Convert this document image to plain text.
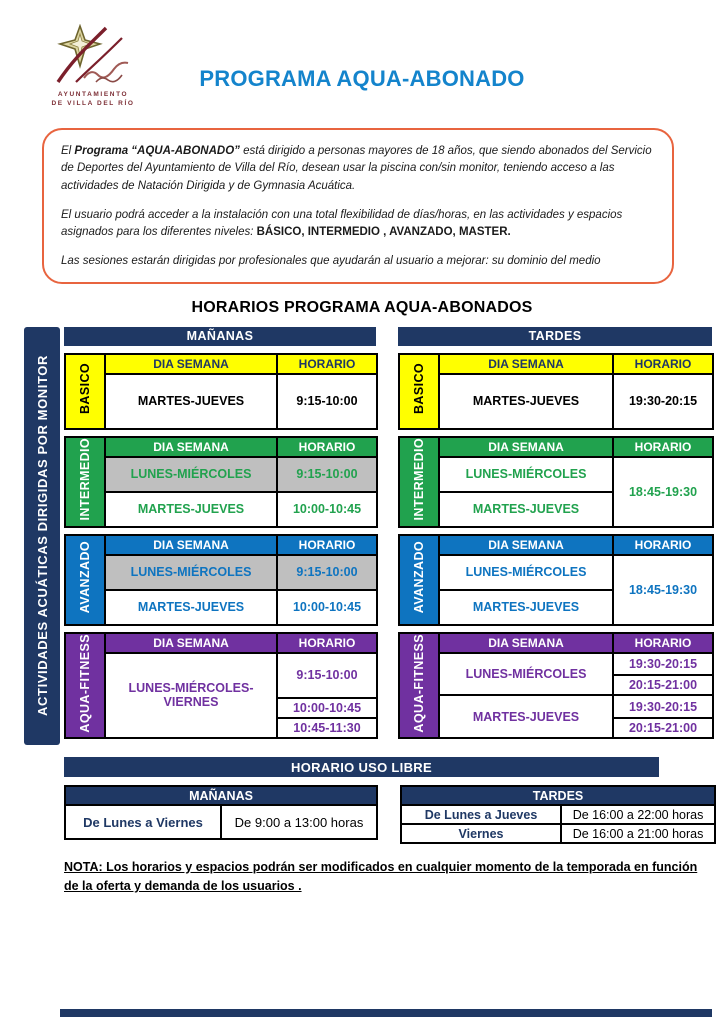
AYUNTAMIENTO
DE VILLA DEL RÍO
PROGRAMA AQUA-ABONADO

El Programa “AQUA-ABONADO” está dirigido a personas mayores de 18 años, que siendo abonados del Servicio de Deportes del Ayuntamiento de Villa del Río, desean usar la piscina con/sin monitor, teniendo acceso a las actividades de Natación Dirigida y de Gymnasia Acuática.

El usuario podrá acceder a la instalación con una total flexibilidad de días/horas, en las actividades y espacios asignados para los diferentes niveles: BÁSICO, INTERMEDIO , AVANZADO, MASTER.

Las sesiones estarán dirigidas por profesionales que ayudarán al usuario a mejorar: su dominio del medio

HORARIOS PROGRAMA AQUA-ABONADOS
ACTIVIDADES ACUÁTICAS DIRIGIDAS POR MONITOR
MAÑANAS
BASICO	DIA SEMANA	HORARIO
	MARTES-JUEVES	9:15-10:00
INTERMEDIO	DIA SEMANA	HORARIO
	LUNES-MIÉRCOLES	9:15-10:00
	MARTES-JUEVES	10:00-10:45
AVANZADO	DIA SEMANA	HORARIO
	LUNES-MIÉRCOLES	9:15-10:00
	MARTES-JUEVES	10:00-10:45
AQUA-FITNESS	DIA SEMANA	HORARIO
	LUNES-MIÉRCOLES-VIERNES	9:15-10:00
		10:00-10:45
		10:45-11:30
TARDES
BASICO	DIA SEMANA	HORARIO
	MARTES-JUEVES	19:30-20:15
INTERMEDIO	DIA SEMANA	HORARIO
	LUNES-MIÉRCOLES	18:45-19:30
	MARTES-JUEVES	
AVANZADO	DIA SEMANA	HORARIO
	LUNES-MIÉRCOLES	18:45-19:30
	MARTES-JUEVES	
AQUA-FITNESS	DIA SEMANA	HORARIO
	LUNES-MIÉRCOLES	19:30-20:15
		20:15-21:00
	MARTES-JUEVES	19:30-20:15
		20:15-21:00
HORARIO USO LIBRE
MAÑANAS
De Lunes a Viernes	De 9:00 a 13:00 horas
TARDES	
De Lunes a Jueves	De 16:00 a 22:00 horas
Viernes	De 16:00 a 21:00 horas
NOTA: Los horarios y espacios podrán ser modificados en cualquier momento de la temporada en función de la oferta y demanda de los usuarios .
